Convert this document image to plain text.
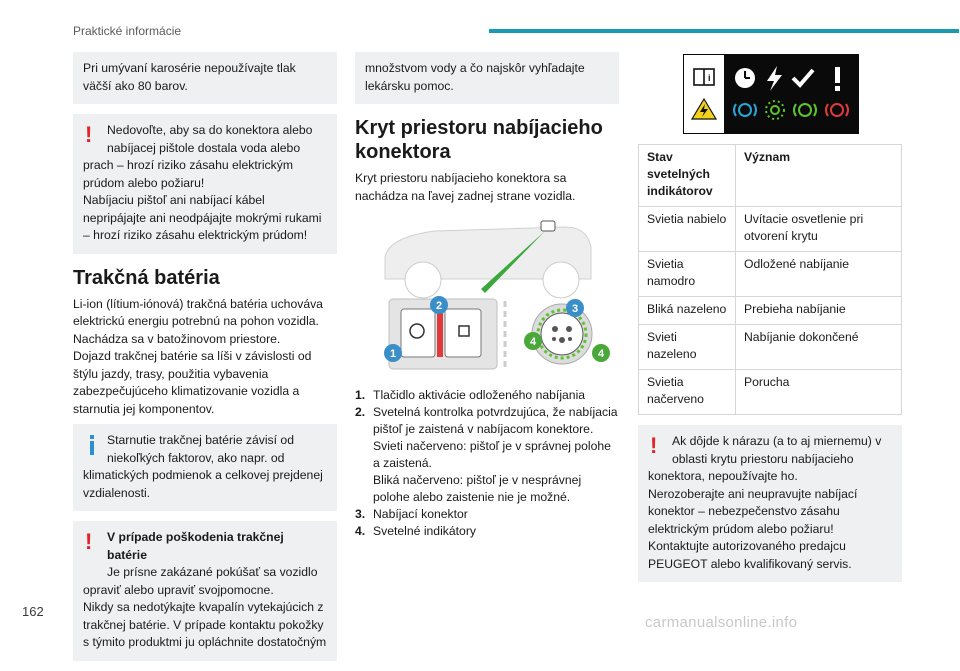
Praktické informácie

Pri umývaní karosérie nepoužívajte tlak väčší ako 80 barov.

!	Nedovoľte, aby sa do konektora alebo nabíjacej pištole dostala voda alebo

prach – hrozí riziko zásahu elektrickým prúdom alebo požiaru!

Nabíjaciu pištoľ ani nabíjací kábel nepripájajte ani neodpájajte mokrými rukami – hrozí riziko zásahu elektrickým prúdom!

Trakčná batéria

Li-ion (lítium-iónová) trakčná batéria uchováva elektrickú energiu potrebnú na pohon vozidla.

Nachádza sa v batožinovom priestore.

Dojazd trakčnej batérie sa líši v závislosti od štýlu jazdy, trasy, použitia vybavenia zabezpečujúceho klimatizovanie vozidla a starnutia jej komponentov.

Starnutie trakčnej batérie závisí od niekoľkých faktorov, ako napr. od

klimatických podmienok a celkovej prejdenej vzdialenosti.

!	V prípade poškodenia trakčnej batérie

Je prísne zakázané pokúšať sa vozidlo

opraviť alebo upraviť svojpomocne.

Nikdy sa nedotýkajte kvapalín vytekajúcich z trakčnej batérie. V prípade kontaktu pokožky s týmito produktmi ju opláchnite dostatočným

množstvom vody a čo najskôr vyhľadajte lekársku pomoc.

Kryt priestoru nabíjacieho konektora

Kryt priestoru nabíjacieho konektora sa nachádza na ľavej zadnej strane vozidla.

1
2	3
4
4
1. Tlačidlo aktivácie odloženého nabíjania
2. Svetelná kontrolka potvrdzujúca, že nabíjacia pištoľ je zaistená v nabíjacom konektore.
Svieti načerveno: pištoľ je v správnej polohe a zaistená.
Bliká načerveno: pištoľ je v nesprávnej polohe alebo zaistenie nie je možné.
3. Nabíjací konektor
4. Svetelné indikátory
i
Stav svetelných indikátorov	Význam
Svietia nabielo	Uvítacie osvetlenie pri otvorení krytu
Svietia namodro	Odložené nabíjanie
Bliká nazeleno	Prebieha nabíjanie
Svieti nazeleno	Nabíjanie dokončené
Svietia načerveno	Porucha
!	Ak dôjde k nárazu (a to aj miernemu) v oblasti krytu priestoru nabíjacieho

konektora, nepoužívajte ho.

Nerozoberajte ani neupravujte nabíjací konektor – nebezpečenstvo zásahu elektrickým prúdom alebo požiaru! Kontaktujte autorizovaného predajcu PEUGEOT alebo kvalifikovaný servis.

162
carmanualsonline.info
